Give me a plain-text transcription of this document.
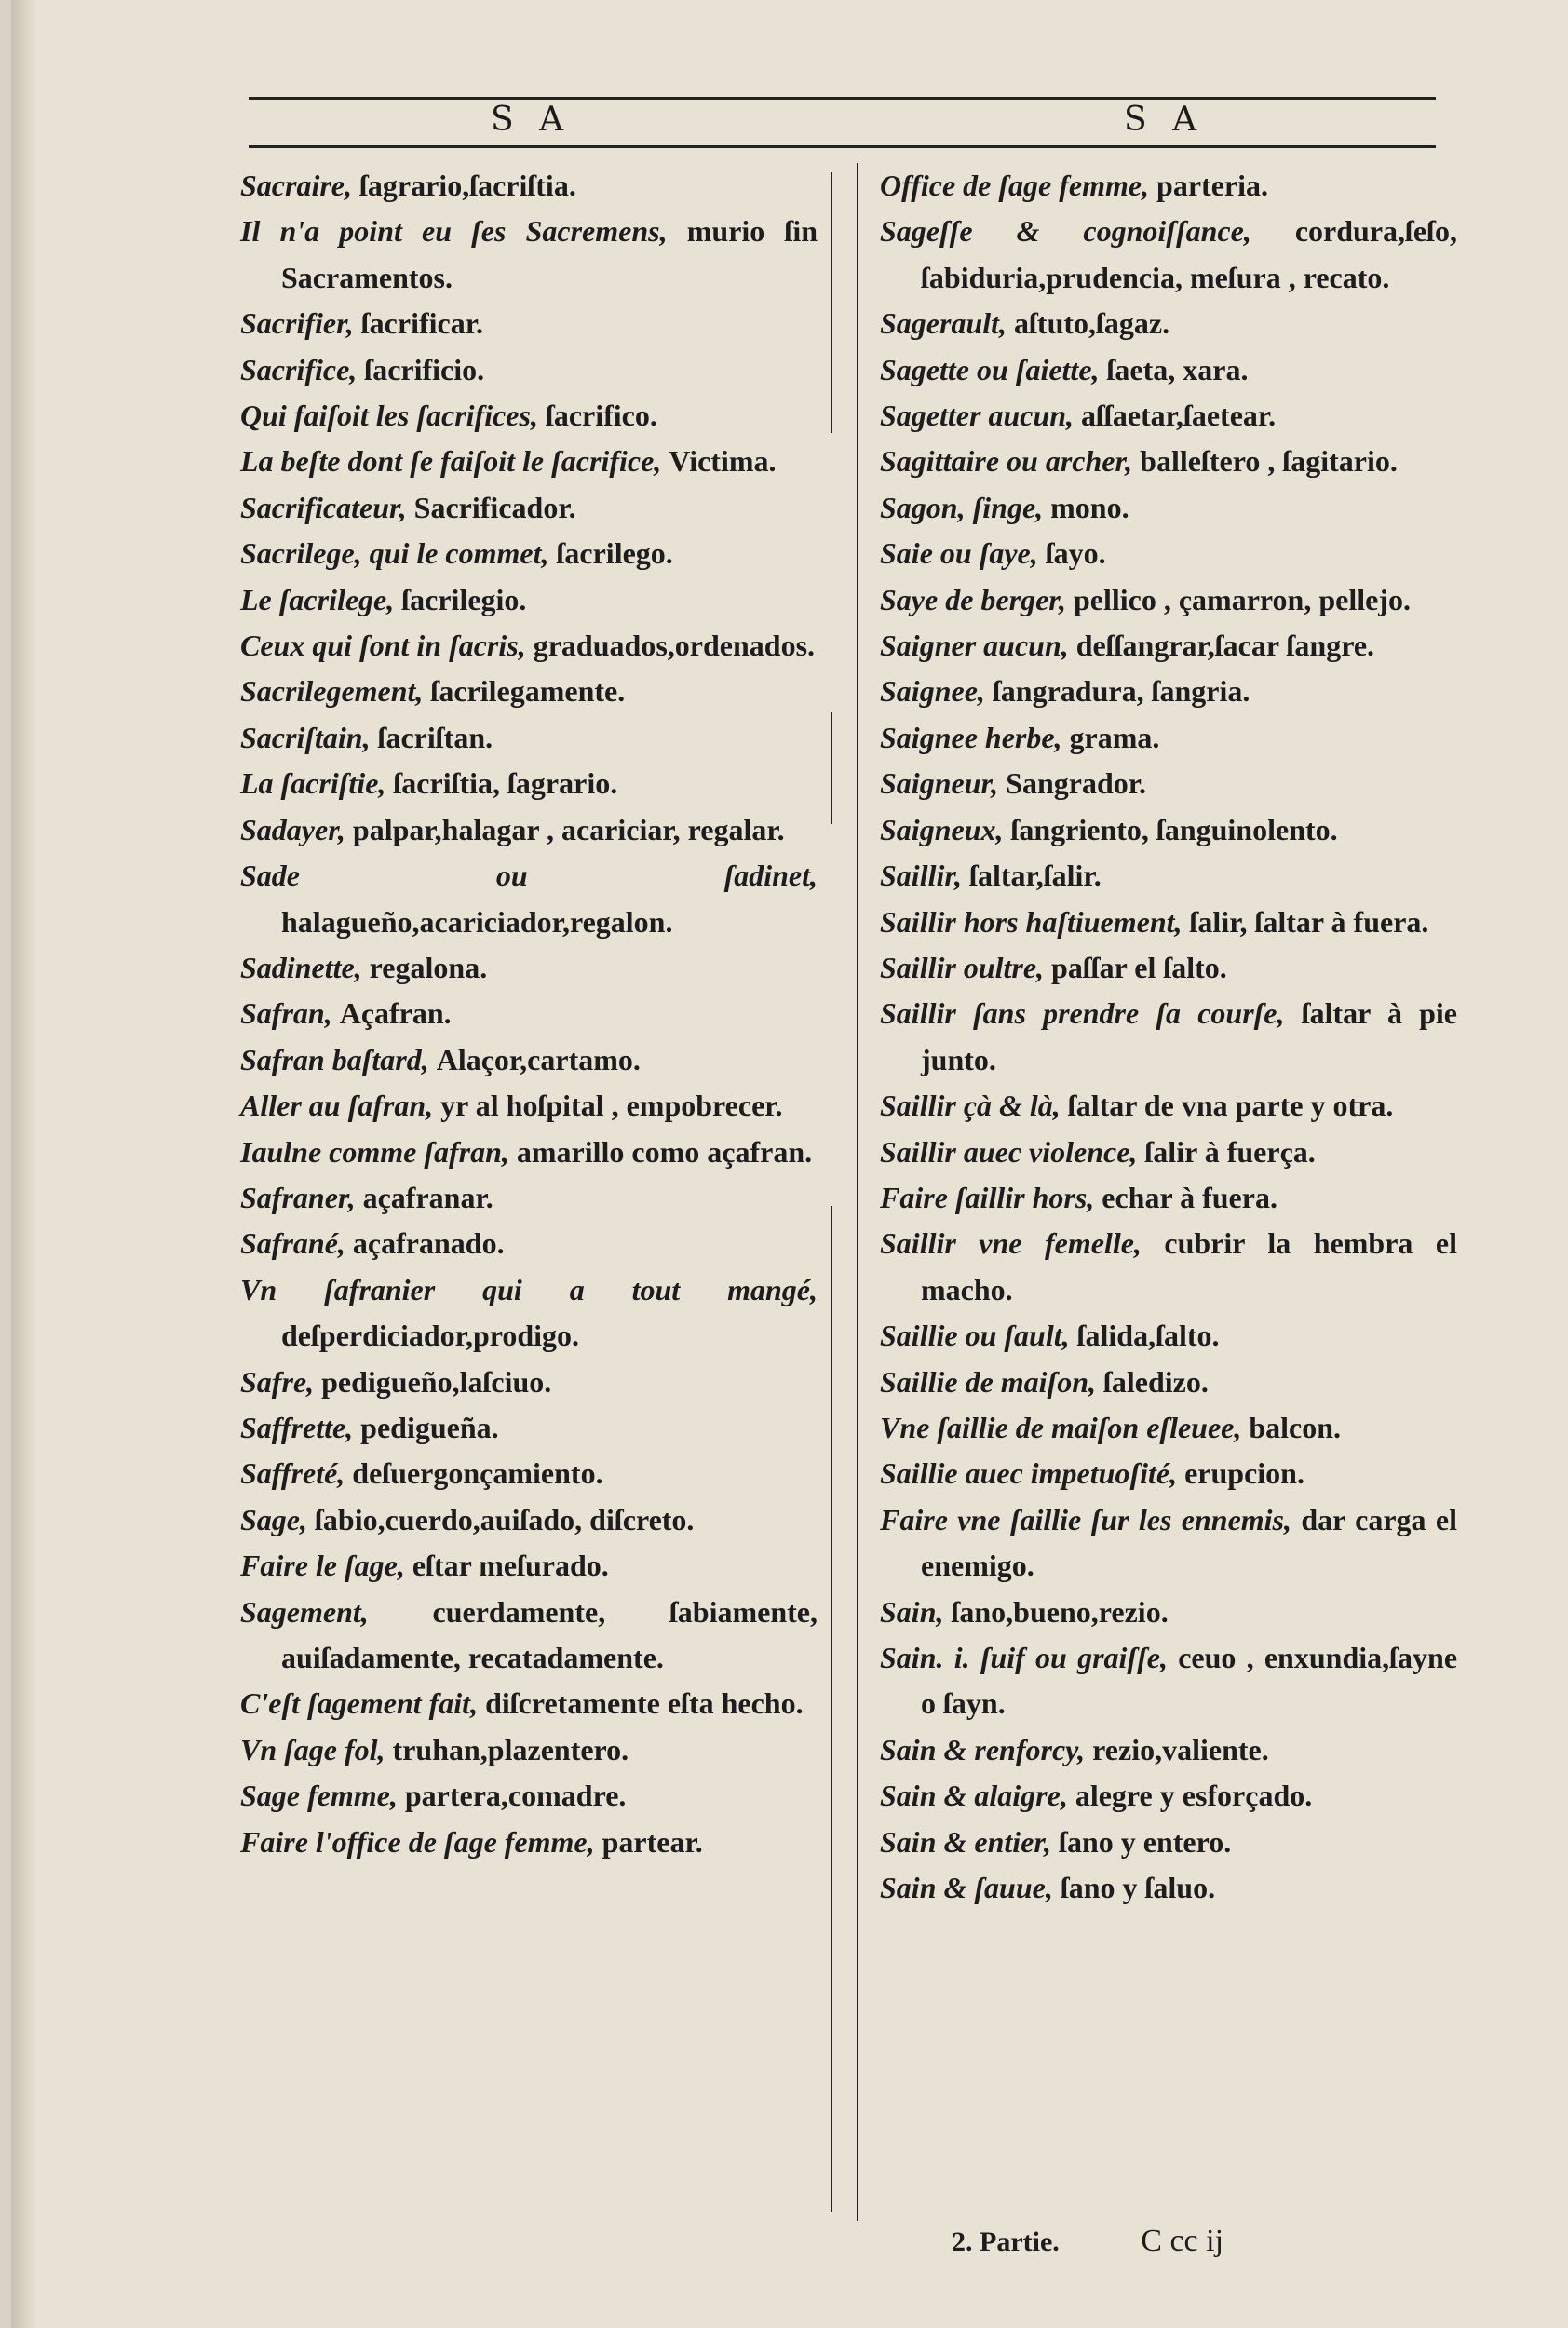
S A	S A

Sacraire, ſagrario,ſacriſtia.

Il n'a point eu ſes Sacremens, murio ſin Sacramentos.

Sacrifier, ſacrificar.

Sacrifice, ſacrificio.

Qui faiſoit les ſacrifices, ſacrifico.

La beſte dont ſe faiſoit le ſacrifice, Victima.

Sacrificateur, Sacrificador.

Sacrilege, qui le commet, ſacrilego.

Le ſacrilege, ſacrilegio.

Ceux qui ſont in ſacris, graduados,ordenados.

Sacrilegement, ſacrilegamente.

Sacriſtain, ſacriſtan.

La ſacriſtie, ſacriſtia, ſagrario.

Sadayer, palpar,halagar , acariciar, regalar.

Sade ou ſadinet, halagueño,acariciador,regalon.

Sadinette, regalona.

Safran, Açafran.

Safran baſtard, Alaçor,cartamo.

Aller au ſafran, yr al hoſpital , empobrecer.

Iaulne comme ſafran, amarillo como açafran.

Safraner, açafranar.

Safrané, açafranado.

Vn ſafranier qui a tout mangé, deſperdiciador,prodigo.

Safre, pedigueño,laſciuo.

Saffrette, pedigueña.

Saffreté, deſuergonçamiento.

Sage, ſabio,cuerdo,auiſado, diſcreto.

Faire le ſage, eſtar meſurado.

Sagement, cuerdamente, ſabiamente, auiſadamente, recatadamente.

C'eſt ſagement fait, diſcretamente eſta hecho.

Vn ſage fol, truhan,plazentero.

Sage femme, partera,comadre.

Faire l'office de ſage femme, partear.

Office de ſage femme, parteria.

Sageſſe & cognoiſſance, cordura,ſeſo, ſabiduria,prudencia, meſura , recato.

Sagerault, aſtuto,ſagaz.

Sagette ou ſaiette, ſaeta, xara.

Sagetter aucun, aſſaetar,ſaetear.

Sagittaire ou archer, balleſtero , ſagitario.

Sagon, ſinge, mono.

Saie ou ſaye, ſayo.

Saye de berger, pellico , çamarron, pellejo.

Saigner aucun, deſſangrar,ſacar ſangre.

Saignee, ſangradura, ſangria.

Saignee herbe, grama.

Saigneur, Sangrador.

Saigneux, ſangriento, ſanguinolento.

Saillir, ſaltar,ſalir.

Saillir hors haſtiuement, ſalir, ſaltar à fuera.

Saillir oultre, paſſar el ſalto.

Saillir ſans prendre ſa courſe, ſaltar à pie junto.

Saillir çà & là, ſaltar de vna parte y otra.

Saillir auec violence, ſalir à fuerça.

Faire ſaillir hors, echar à fuera.

Saillir vne femelle, cubrir la hembra el macho.

Saillie ou ſault, ſalida,ſalto.

Saillie de maiſon, ſaledizo.

Vne ſaillie de maiſon eſleuee, balcon.

Saillie auec impetuoſité, erupcion.

Faire vne ſaillie ſur les ennemis, dar carga el enemigo.

Sain, ſano,bueno,rezio.

Sain. i. ſuif ou graiſſe, ceuo , enxundia,ſayne o ſayn.

Sain & renforcy, rezio,valiente.

Sain & alaigre, alegre y esforçado.

Sain & entier, ſano y entero.

Sain & ſauue, ſano y ſaluo.

2. Partie.	C cc ij
